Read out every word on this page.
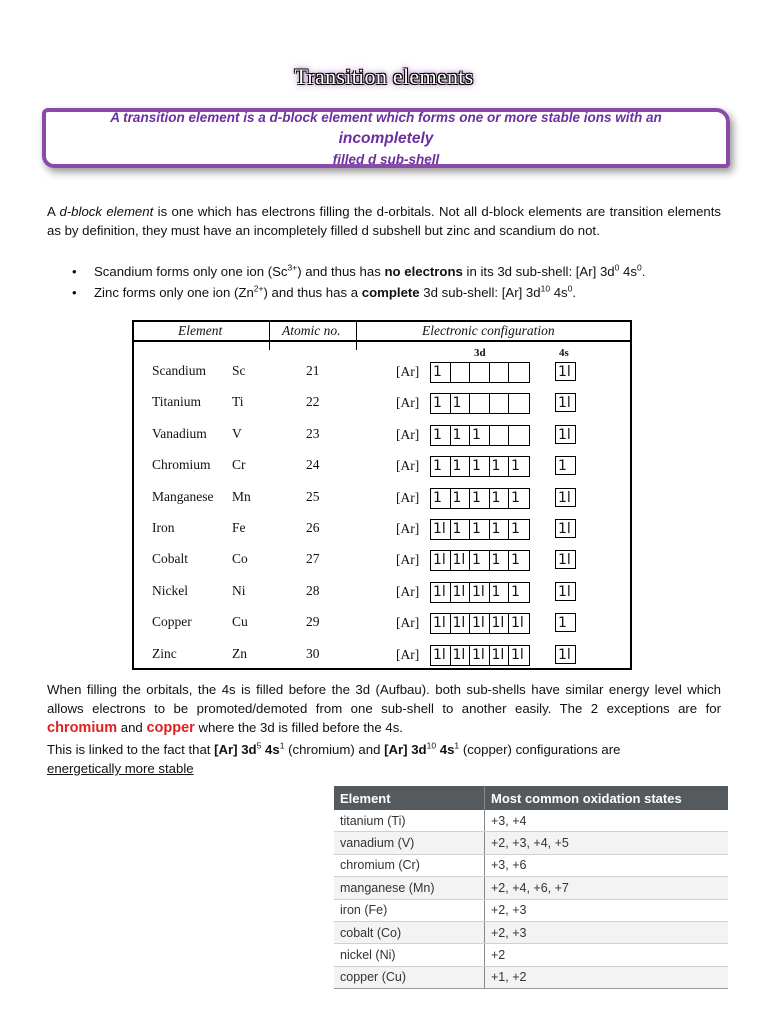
Transition elements
A transition element is a d-block element which forms one or more stable ions with an incompletely
filled d sub-shell
A d-block element is one which has electrons filling the d-orbitals. Not all d-block elements are transition elements as by definition, they must have an incompletely filled d subshell but zinc and scandium do not.
• Scandium forms only one ion $(Sc^{3+})$ and thus has no electrons in its 3d sub-shell: [Ar] $3d^0$ $4s^0$.
• Zinc forms only one ion $(Zn^{2+})$ and thus has a complete 3d sub-shell: [Ar] $3d^{10}$ $4s^0$.
Element	Atomic no.	Electronic configuration
3d	4s
Scandium Sc	21	[Ar] 1	1l
Titanium Ti	22	[Ar] 1 1	1l
Vanadium V	23	[Ar] 1 1 1	1l
Chromium Cr	24	[Ar] 1 1 1 1 1	1
Manganese Mn	25	[Ar] 1 1 1 1 1	1l
Iron	Fe	26	[Ar] 1l 1 1 1 1	1l
Cobalt	Co	27	[Ar] 1l 1l 1 1 1	1l
Nickel	Ni	28	[Ar] 1l 1l 1l 1 1	1l
Copper	Cu	29	[Ar] 1l 1l 1l 1l 1l	1
Zinc	Zn	30	[Ar] 1l 1l 1l 1l 1l	1l
When filling the orbitals, the 4s is filled before the 3d (Aufbau). both sub-shells have similar energy level which allows electrons to be promoted/demoted from one sub-shell to another easily. The 2 exceptions are for chromium and copper where the 3d is filled before the 4s.
This is linked to the fact that [Ar] $3d^5$ $4s^1$ (chromium) and [Ar] $3d^{10}$ $4s^1$ (copper) configurations are

energetically more stable
Element	Most common oxidation states
titanium (Ti)	+3, +4
vanadium (V)	+2, +3, +4, +5
chromium (Cr)	+3, +6
manganese (Mn)	+2, +4, +6, +7
iron (Fe)	+2, +3
cobalt (Co)	+2, +3
nickel (Ni)	+2
copper (Cu)	+1, +2
